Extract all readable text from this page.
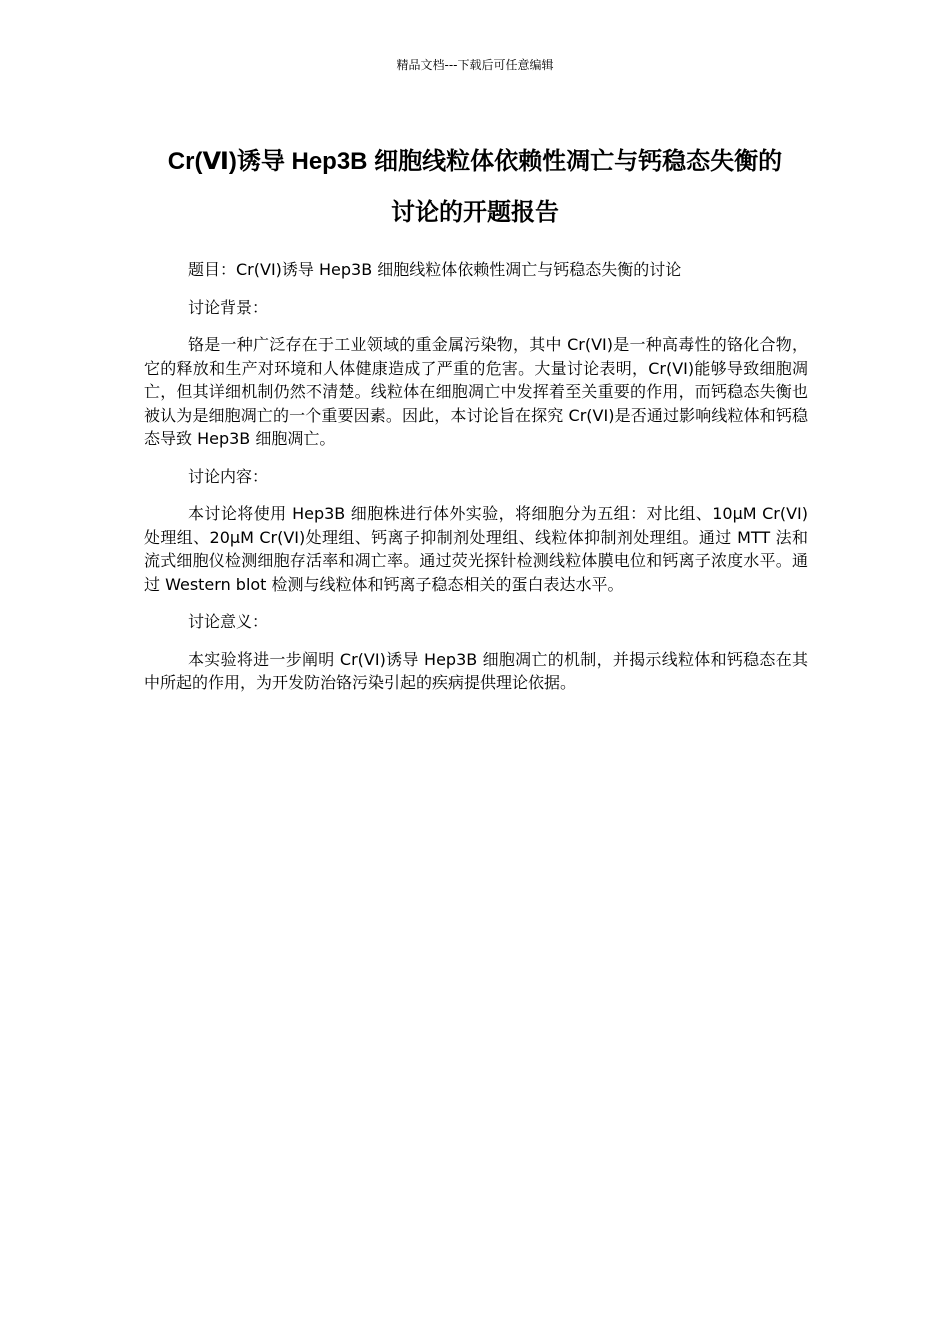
精品文档---下载后可任意编辑
Cr(Ⅵ)诱导 Hep3B 细胞线粒体依赖性凋亡与钙稳态失衡的
讨论的开题报告

题目：Cr(VI)诱导 Hep3B 细胞线粒体依赖性凋亡与钙稳态失衡的讨论

讨论背景：

铬是一种广泛存在于工业领域的重金属污染物，其中 Cr(VI)是一种高毒性的铬化合物，它的释放和生产对环境和人体健康造成了严重的危害。大量讨论表明，Cr(VI)能够导致细胞凋亡，但其详细机制仍然不清楚。线粒体在细胞凋亡中发挥着至关重要的作用，而钙稳态失衡也被认为是细胞凋亡的一个重要因素。因此，本讨论旨在探究 Cr(VI)是否通过影响线粒体和钙稳态导致 Hep3B 细胞凋亡。

讨论内容：

本讨论将使用 Hep3B 细胞株进行体外实验，将细胞分为五组：对比组、10μM Cr(VI)处理组、20μM Cr(VI)处理组、钙离子抑制剂处理组、线粒体抑制剂处理组。通过 MTT 法和流式细胞仪检测细胞存活率和凋亡率。通过荧光探针检测线粒体膜电位和钙离子浓度水平。通过 Western blot 检测与线粒体和钙离子稳态相关的蛋白表达水平。

讨论意义：

本实验将进一步阐明 Cr(VI)诱导 Hep3B 细胞凋亡的机制，并揭示线粒体和钙稳态在其中所起的作用，为开发防治铬污染引起的疾病提供理论依据。
